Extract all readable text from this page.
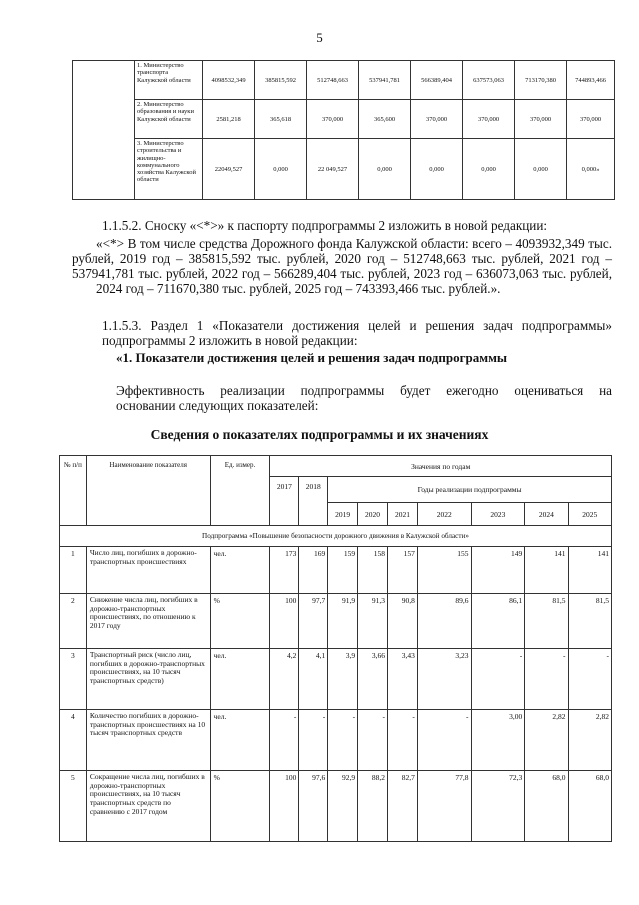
5
	1. Министерство транспорта Калужской области	4098532,349	385815,592	512748,663	537941,781	566389,404	637573,063	713170,380	744893,466
	2. Министерство образования и науки Калужской области	2581,218	365,618	370,000	365,600	370,000	370,000	370,000	370,000
	3. Министерство строительства и жилищно-коммунального хозяйства Калужской области	22049,527	0,000	22 049,527	0,000	0,000	0,000	0,000	0,000»

1.1.5.2. Сноску «<*>» к паспорту подпрограммы 2 изложить в новой редакции:

«<*> В том числе средства Дорожного фонда Калужской области: всего – 4093932,349 тыс. рублей, 2019 год – 385815,592 тыс. рублей, 2020 год – 512748,663 тыс. рублей, 2021 год – 537941,781 тыс. рублей, 2022 год – 566289,404 тыс. рублей, 2023 год – 636073,063 тыс. рублей,
2024 год – 711670,380 тыс. рублей, 2025 год – 743393,466 тыс. рублей.».
1.1.5.3. Раздел 1 «Показатели достижения целей и решения задач подпрограммы»
подпрограммы 2 изложить в новой редакции:
«1. Показатели достижения целей и решения задач подпрограммы
Эффективность реализации подпрограммы будет ежегодно оцениваться на
основании следующих показателей:
Сведения о показателях подпрограммы и их значениях
№ п/п	Наименование показателя	Ед. измер.	Значения по годам								
			2017	2018	Годы реализации подпрограммы						
					2019	2020	2021	2022	2023	2024	2025
Подпрограмма «Повышение безопасности дорожного движения в Калужской области»											
1	Число лиц, погибших в дорожно-транспортных происшествиях	чел.	173	169	159	158	157	155	149	141	141
2	Снижение числа лиц, погибших в дорожно-транспортных происшествиях, по отношению к 2017 году	%	100	97,7	91,9	91,3	90,8	89,6	86,1	81,5	81,5
3	Транспортный риск (число лиц, погибших в дорожно-транспортных происшествиях, на 10 тысяч транспортных средств)	чел.	4,2	4,1	3,9	3,66	3,43	3,23	-	-	-
4	Количество погибших в дорожно-транспортных происшествиях на 10 тысяч транспортных средств	чел.	-	-	-	-	-	-	3,00	2,82	2,82
5	Сокращение числа лиц, погибших в дорожно-транспортных происшествиях, на 10 тысяч транспортных средств по сравнению с 2017 годом	%	100	97,6	92,9	88,2	82,7	77,8	72,3	68,0	68,0
